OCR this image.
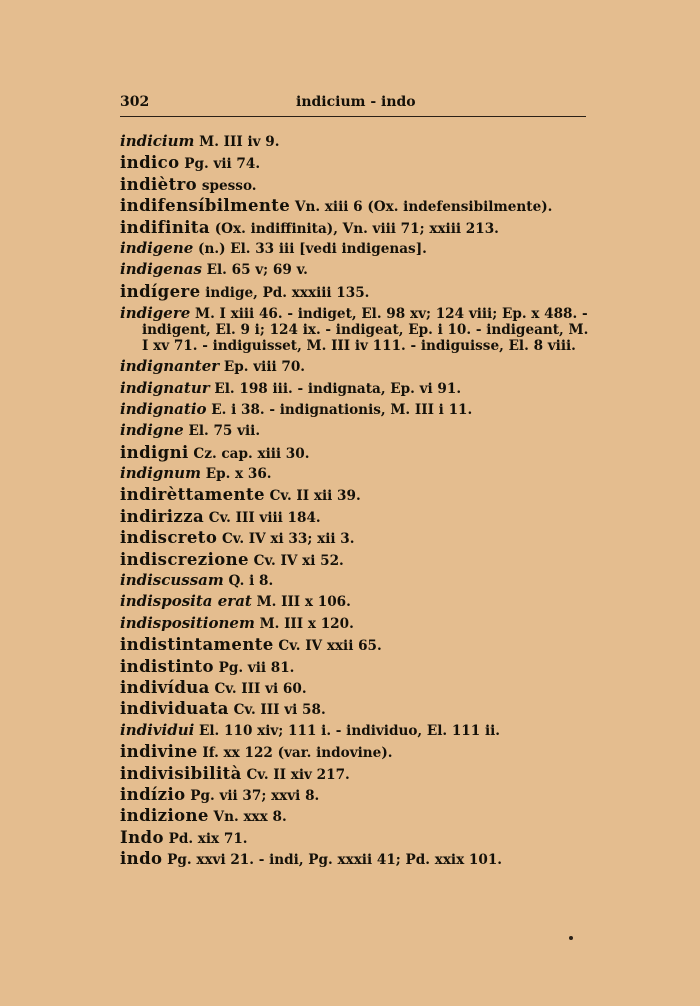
302	indicium - indo
indicium M. III iv 9.
indico Pg. vii 74.
indiètro spesso.
indifensíbilmente Vn. xiii 6 (Ox. indefensibilmente).
indifinita (Ox. indiffinita), Vn. viii 71; xxiii 213.
indigene (n.) El. 33 iii [vedi indigenas].
indigenas El. 65 v; 69 v.
indígere indige, Pd. xxxiii 135.
indigere M. I xiii 46. - indiget, El. 98 xv; 124 viii; Ep. x 488. -
indigent, El. 9 i; 124 ix. - indigeat, Ep. i 10. - indigeant, M.
I xv 71. - indiguisset, M. III iv 111. - indiguisse, El. 8 viii.
indignanter Ep. viii 70.
indignatur El. 198 iii. - indignata, Ep. vi 91.
indignatio E. i 38. - indignationis, M. III i 11.
indigne El. 75 vii.
indigni Cz. cap. xiii 30.
indignum Ep. x 36.
indirèttamente Cv. II xii 39.
indirizza Cv. III viii 184.
indiscreto Cv. IV xi 33; xii 3.
indiscrezione Cv. IV xi 52.
indiscussam Q. i 8.
indisposita erat M. III x 106.
indispositionem M. III x 120.
indistintamente Cv. IV xxii 65.
indistinto Pg. vii 81.
indivídua Cv. III vi 60.
individuata Cv. III vi 58.
individui El. 110 xiv; 111 i. - individuo, El. 111 ii.
indivine If. xx 122 (var. indovine).
indivisibilità Cv. II xiv 217.
indízio Pg. vii 37; xxvi 8.
indizione Vn. xxx 8.
Indo Pd. xix 71.
indo Pg. xxvi 21. - indi, Pg. xxxii 41; Pd. xxix 101.
